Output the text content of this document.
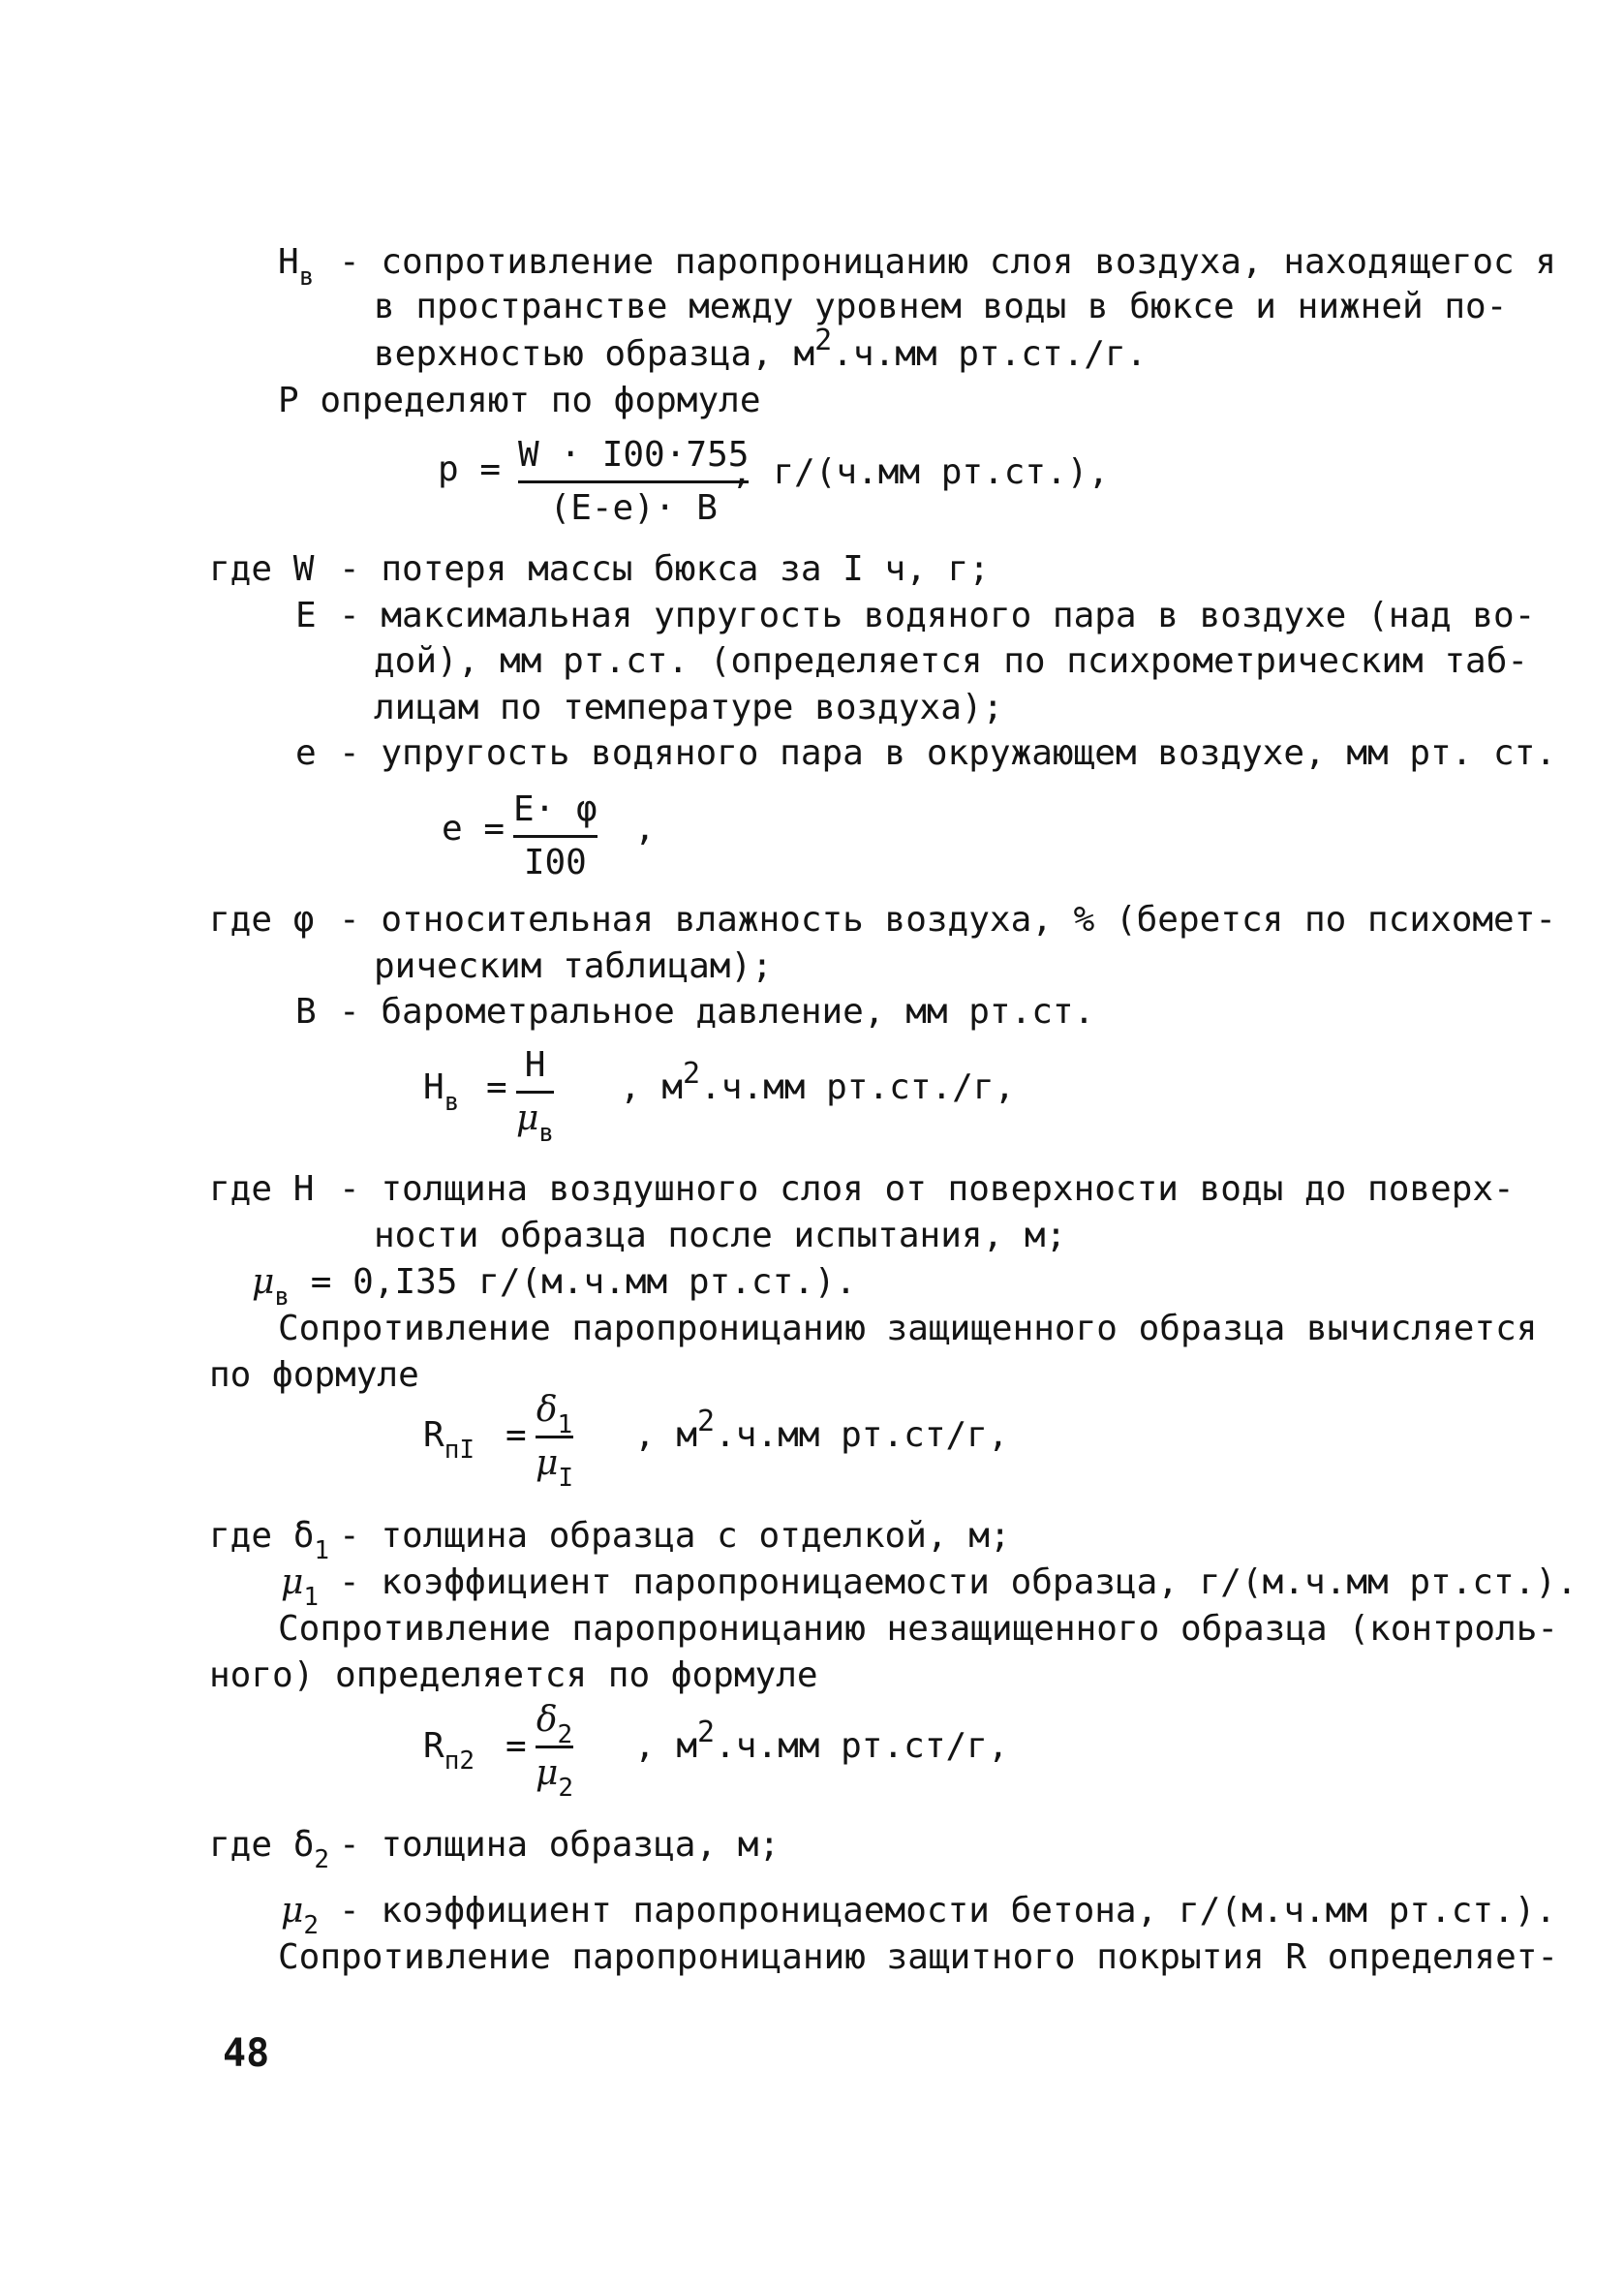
$H_в$ - сопротивление паропроницанию слоя воздуха, находящегос я
в пространстве между уровнем воды в бюксе и нижней по-
верхностью образца, $м^2.ч.мм$ рт.ст./г.
Р определяют по формуле
p = W · I00·755
(E-e)· B
, г/(ч.мм рт.ст.),
где W - потеря массы бюкса за I ч, г;
E - максимальная упругость водяного пара в воздухе (над во-
дой), мм рт.ст. (определяется по психрометрическим таб-
лицам по температуре воздуха);
е - упругость водяного пара в окружающем воздухе, мм рт. ст.
e = E· φ
I00
,
где φ - относительная влажность воздуха, % (берется по психомет-
рическим таблицам);
В - барометральное давление, мм рт.ст.
$H_в$ =
H
$\mu_в$
, $м^2.ч.мм$ рт.ст./г,
где H - толщина воздушного слоя от поверхности воды до поверх-
ности образца после испытания, м;
$\mu_в = 0,I35$ г/(м.ч.мм рт.ст.).
Сопротивление паропроницанию защищенного образца вычисляется
по формуле
$R_{пI}$ =
$\delta_1$
$\mu_I$
, $м^2.ч.мм$ рт.ст/г,
где $\delta_1$ - толщина образца с отделкой, м;
$\mu_1$ - коэффициент паропроницаемости образца, г/(м.ч.мм рт.ст.).
Сопротивление паропроницанию незащищенного образца (контроль-
ного) определяется по формуле
$R_{п2}$ =
$\delta_2$
$\mu_2$
, $м^2.ч.мм$ рт.ст/г,
где $\delta_2$ - толщина образца, м;
$\mu_2$ - коэффициент паропроницаемости бетона, г/(м.ч.мм рт.ст.).
Сопротивление паропроницанию защитного покрытия R определяет-
48
